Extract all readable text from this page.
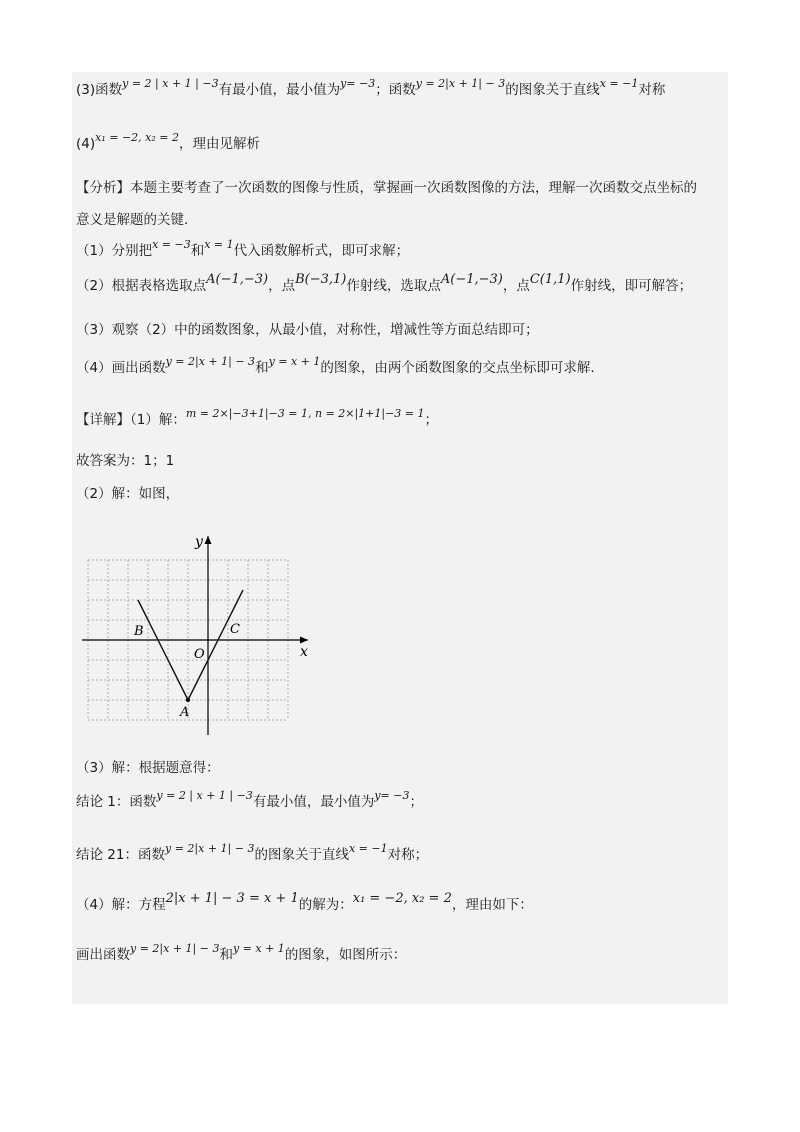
(3)函数$^{y = 2 | x + 1 | -3}$有最小值，最小值为$^{y= -3}$；函数$^{y = 2|x + 1| - 3}$的图象关于直线$^{x = -1}$对称
$(4)^{x_1 = -2, x_2 = 2}$，理由见解析
【分析】本题主要考查了一次函数的图像与性质，掌握画一次函数图像的方法，理解一次函数交点坐标的
意义是解题的关键.
（1）分别把$^{x = -3}$和$^{x = 1}$代入函数解析式，即可求解；
（2）根据表格选取点A(−1,−3)，点B(−3,1)作射线，选取点A(−1,−3)，点C(1,1)作射线，即可解答；
（3）观察（2）中的函数图象，从最小值，对称性，增减性等方面总结即可；
（4）画出函数$^{y = 2|x + 1| - 3}$和$^{y = x + 1}$的图象，由两个函数图象的交点坐标即可求解.
【详解】（1）解：$^{m = 2\times|-3+1|-3 = 1, n = 2\times|1+1|-3 = 1}$；
故答案为：1；1
（2）解：如图，
x
y
O
A
B	C
（3）解：根据题意得：
结论 1：函数$^{y = 2 | x + 1 | -3}$有最小值，最小值为$^{y= -3}$；
结论 21：函数$^{y = 2|x + 1| - 3}$的图象关于直线$^{x = -1}$对称；
（4）解：方程2|x + 1| − 3 = x + 1的解为：x₁ = −2, x₂ = 2，理由如下：
画出函数$^{y = 2|x + 1| - 3}$和$^{y = x + 1}$的图象，如图所示：
